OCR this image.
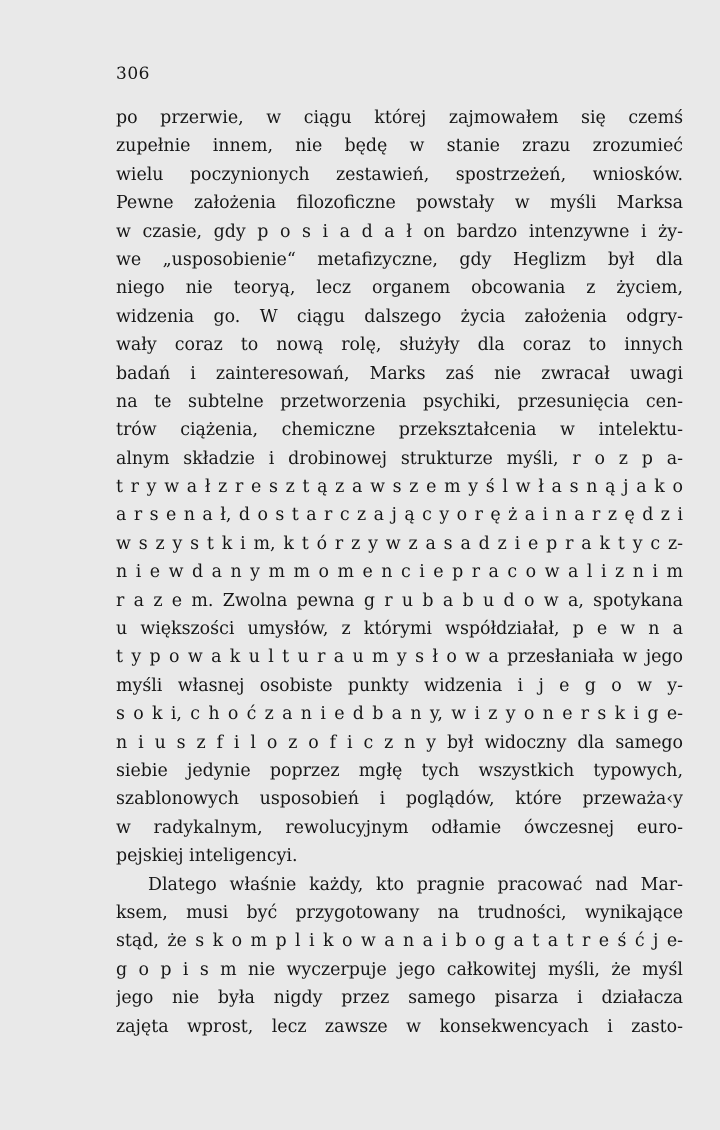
306
po przerwie, w ciągu której zajmowałem się czemś
zupełnie innem, nie będę w stanie zrazu zrozumieć
wielu poczynionych zestawień, spostrzeżeń, wniosków.
Pewne założenia filozoficzne powstały w myśli Marksa
w czasie, gdy p o s i a d a ł on bardzo intenzywne i ży-
we „usposobienie“ metafizyczne, gdy Heglizm był dla
niego nie teoryą, lecz organem obcowania z życiem,
widzenia go. W ciągu dalszego życia założenia odgry-
wały coraz to nową rolę, służyły dla coraz to innych
badań i zainteresowań, Marks zaś nie zwracał uwagi
na te subtelne przetworzenia psychiki, przesunięcia cen-
trów ciążenia, chemiczne przekształcenia w intelektu-
alnym składzie i drobinowej strukturze myśli, r o z p a-
t r y w a ł z r e s z t ą z a w s z e m y ś l w ł a s n ą j a k o
a r s e n a ł, d o s t a r c z a j ą c y o r ę ż a i n a r z ę d z i
w s z y s t k i m, k t ó r z y w z a s a d z i e p r a k t y c z-
n i e w d a n y m m o m e n c i e p r a c o w a l i z n i m
r a z e m. Zwolna pewna g r u b a b u d o w a, spotykana
u większości umysłów, z którymi współdziałał, p e w n a
t y p o w a k u l t u r a u m y s ł o w a przesłaniała w jego
myśli własnej osobiste punkty widzenia i j e g o w y-
s o k i, c h o ć z a n i e d b a n y, w i z y o n e r s k i g e-
n i u s z f i l o z o f i c z n y był widoczny dla samego
siebie jedynie poprzez mgłę tych wszystkich typowych,
szablonowych usposobień i poglądów, które przeważa‹y
w radykalnym, rewolucyjnym odłamie ówczesnej euro-
pejskiej inteligencyi.
Dlatego właśnie każdy, kto pragnie pracować nad Mar-
ksem, musi być przygotowany na trudności, wynikające
stąd, że s k o m p l i k o w a n a i b o g a t a t r e ś ć j e-
g o p i s m nie wyczerpuje jego całkowitej myśli, że myśl
jego nie była nigdy przez samego pisarza i działacza
zajęta wprost, lecz zawsze w konsekwencyach i zasto-
